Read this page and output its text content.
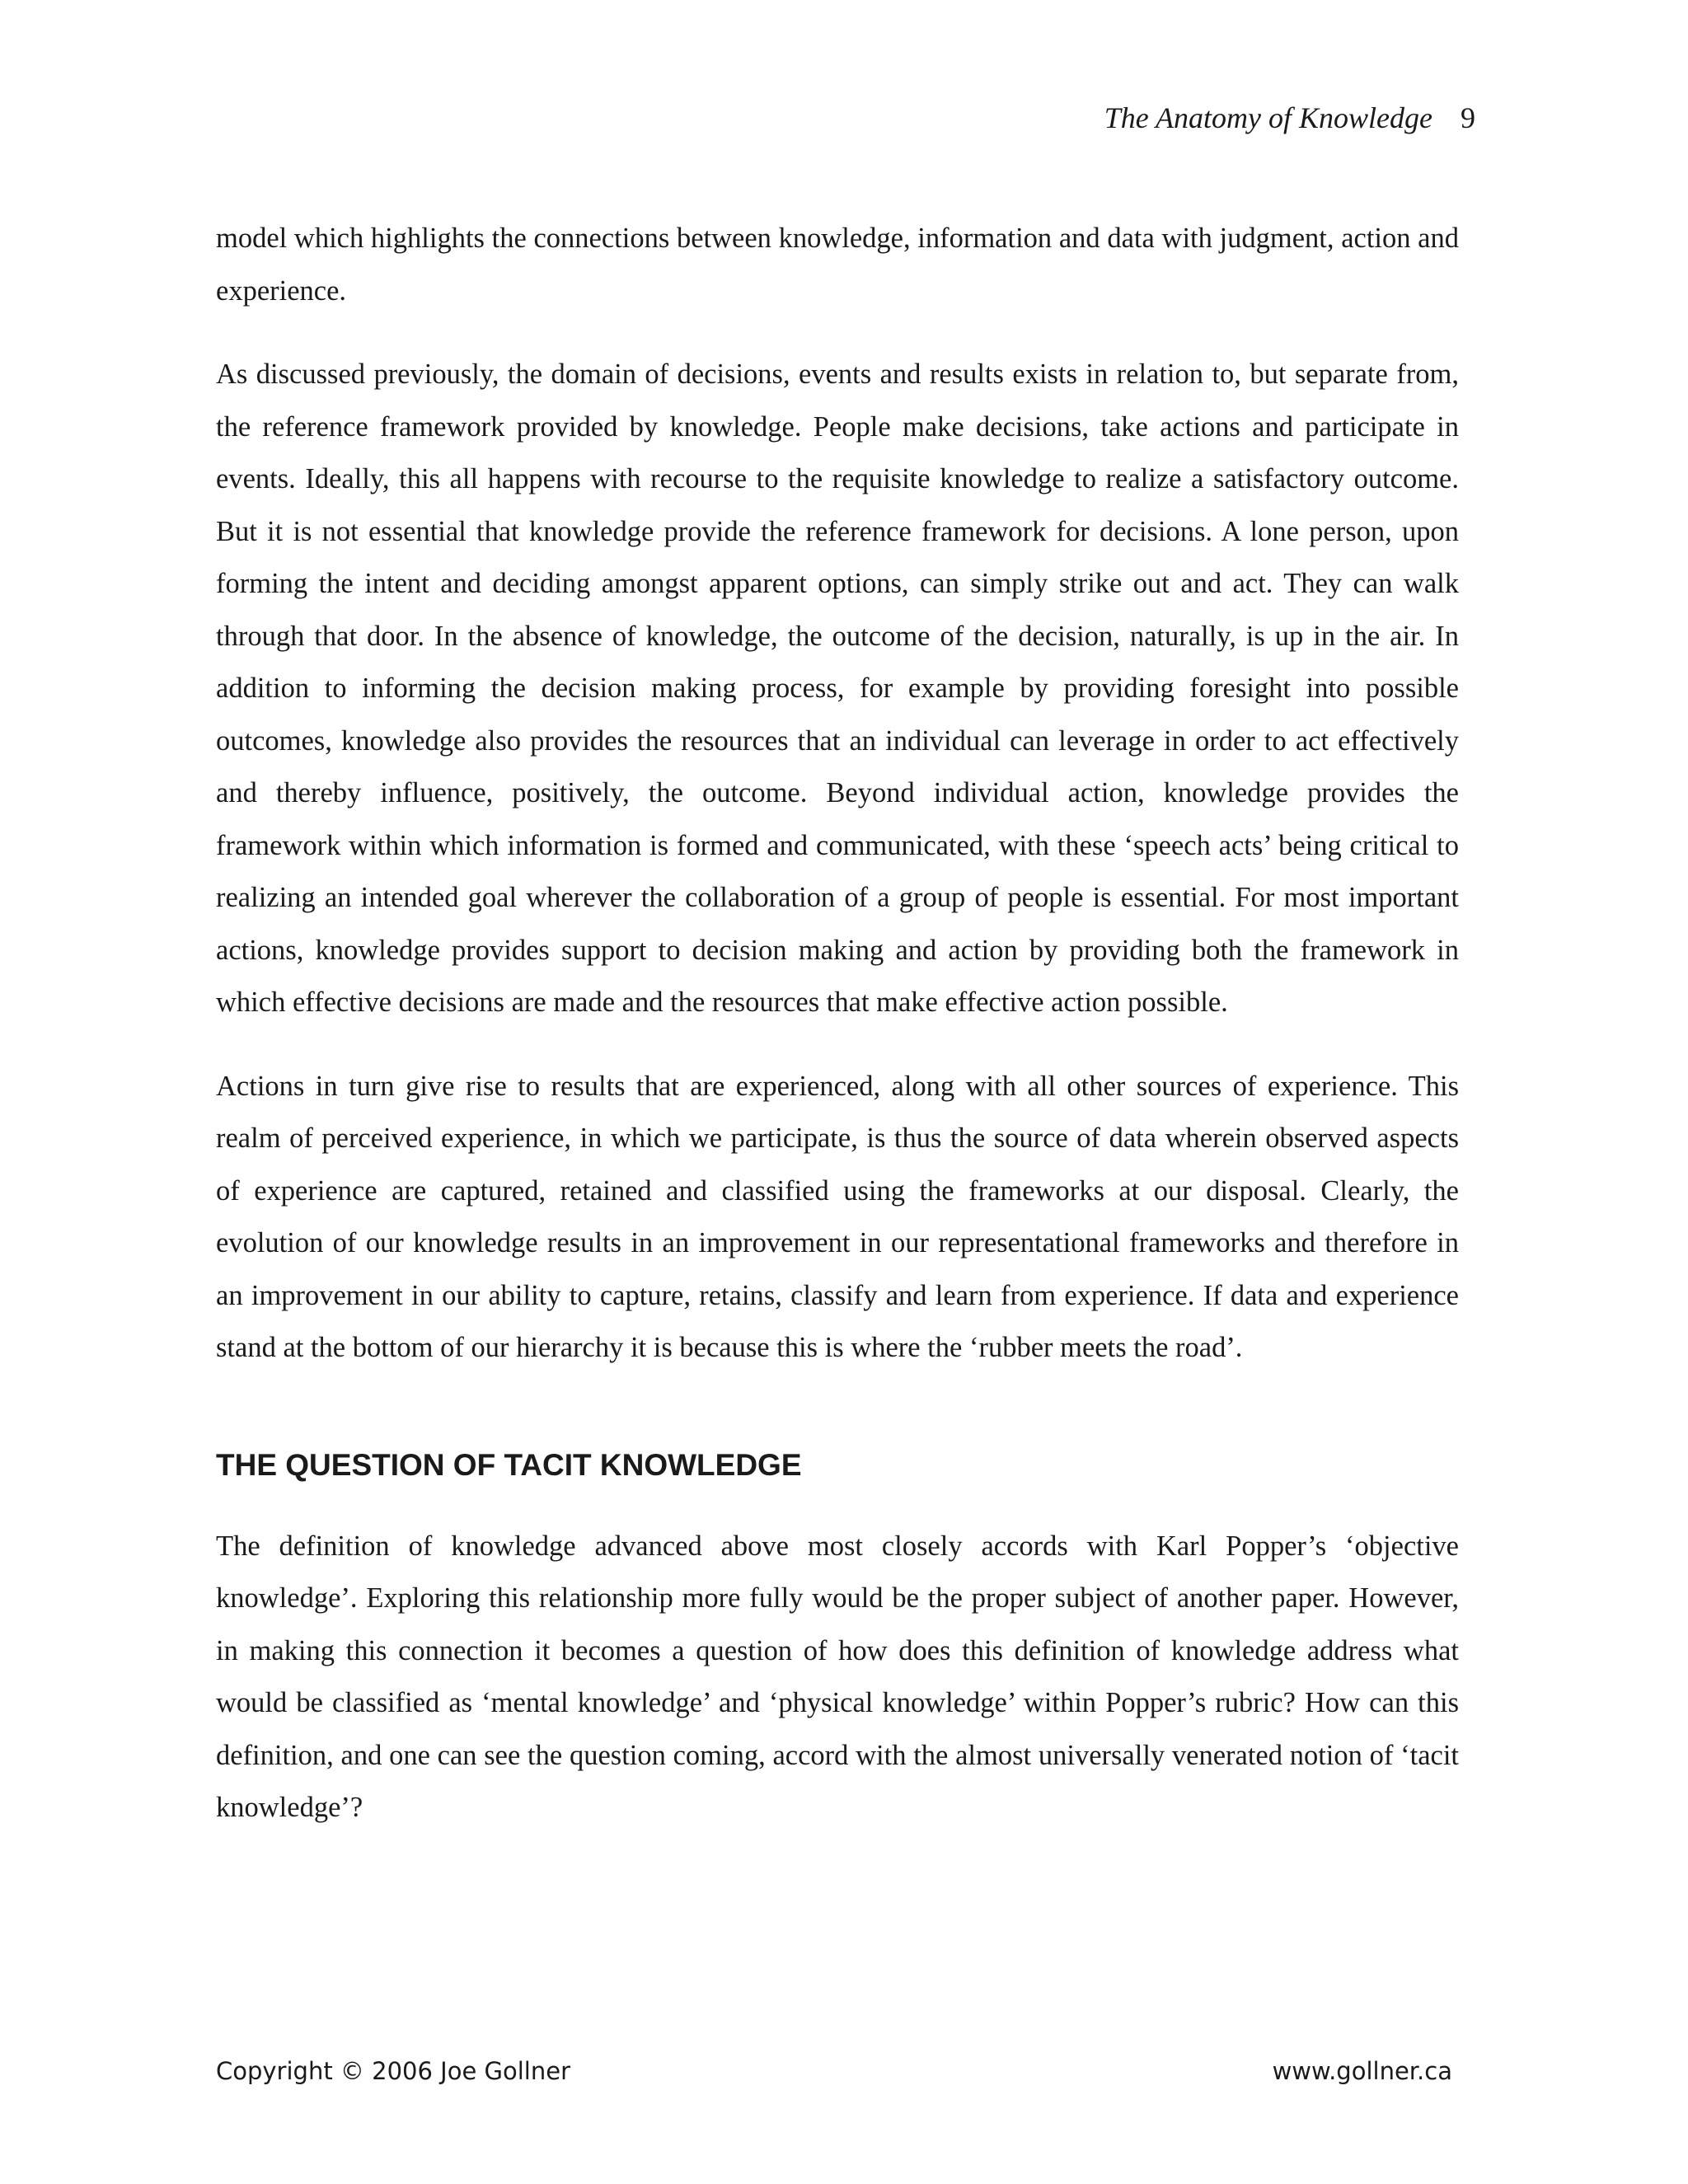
The Anatomy of Knowledge 9

model which highlights the connections between knowledge, information and data with judgment, action and experience.

As discussed previously, the domain of decisions, events and results exists in relation to, but separate from, the reference framework provided by knowledge. People make decisions, take actions and participate in events. Ideally, this all happens with recourse to the requisite knowledge to realize a satisfactory outcome. But it is not essential that knowledge provide the reference framework for decisions. A lone person, upon forming the intent and deciding amongst apparent options, can simply strike out and act. They can walk through that door. In the absence of knowledge, the outcome of the decision, naturally, is up in the air. In addition to informing the decision making process, for example by providing foresight into possible outcomes, knowledge also provides the resources that an individual can leverage in order to act effectively and thereby influence, positively, the outcome. Beyond individual action, knowledge provides the framework within which information is formed and communicated, with these ‘speech acts’ being critical to realizing an intended goal wherever the collaboration of a group of people is essential. For most important actions, knowledge provides support to decision making and action by providing both the framework in which effective decisions are made and the resources that make effective action possible.

Actions in turn give rise to results that are experienced, along with all other sources of experience. This realm of perceived experience, in which we participate, is thus the source of data wherein observed aspects of experience are captured, retained and classified using the frameworks at our disposal. Clearly, the evolution of our knowledge results in an improvement in our representational frameworks and therefore in an improvement in our ability to capture, retains, classify and learn from experience. If data and experience stand at the bottom of our hierarchy it is because this is where the ‘rubber meets the road’.

THE QUESTION OF TACIT KNOWLEDGE

The definition of knowledge advanced above most closely accords with Karl Popper’s ‘objective knowledge’. Exploring this relationship more fully would be the proper subject of another paper. However, in making this connection it becomes a question of how does this definition of knowledge address what would be classified as ‘mental knowledge’ and ‘physical knowledge’ within Popper’s rubric? How can this definition, and one can see the question coming, accord with the almost universally venerated notion of ‘tacit knowledge’?

Copyright © 2006 Joe Gollner	www.gollner.ca
